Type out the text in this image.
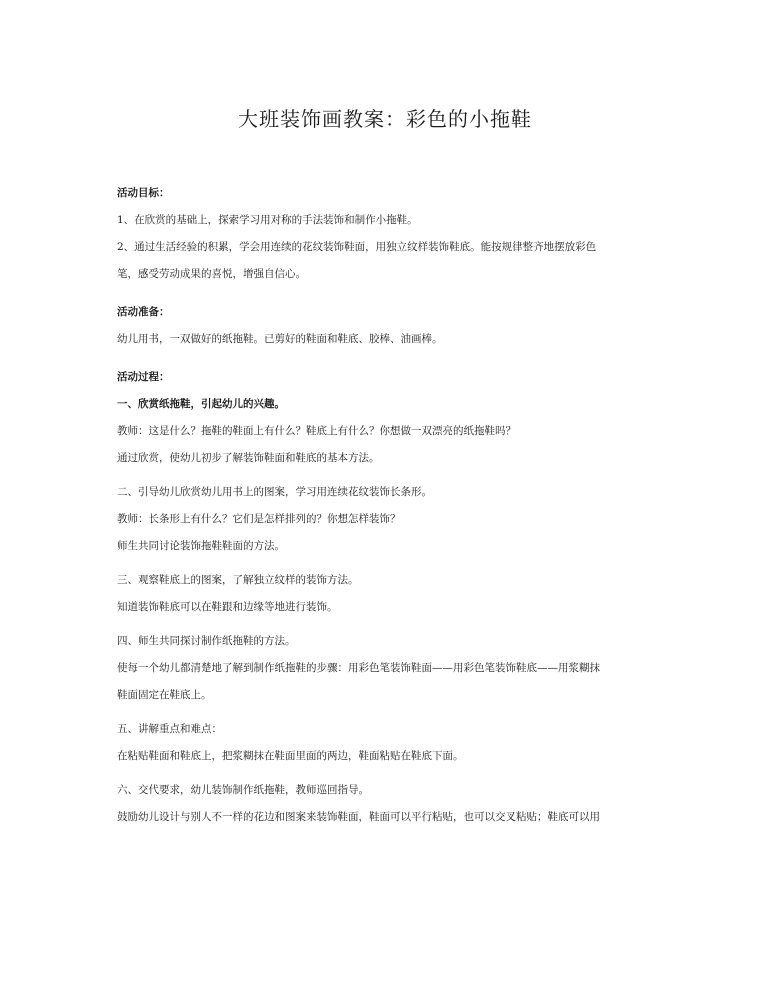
大班装饰画教案：彩色的小拖鞋

活动目标：

1、在欣赏的基础上，探索学习用对称的手法装饰和制作小拖鞋。

2、通过生活经验的积累，学会用连续的花纹装饰鞋面，用独立纹样装饰鞋底。能按规律整齐地摆放彩色

笔，感受劳动成果的喜悦，增强自信心。

活动准备：

幼儿用书，一双做好的纸拖鞋。已剪好的鞋面和鞋底、胶棒、油画棒。

活动过程：

一、欣赏纸拖鞋，引起幼儿的兴趣。

教师：这是什么？拖鞋的鞋面上有什么？鞋底上有什么？你想做一双漂亮的纸拖鞋吗？

通过欣赏，使幼儿初步了解装饰鞋面和鞋底的基本方法。

二、引导幼儿欣赏幼儿用书上的图案，学习用连续花纹装饰长条形。

教师：长条形上有什么？它们是怎样排列的？你想怎样装饰？

师生共同讨论装饰拖鞋鞋面的方法。

三、观察鞋底上的图案，了解独立纹样的装饰方法。

知道装饰鞋底可以在鞋跟和边缘等地进行装饰。

四、师生共同探讨制作纸拖鞋的方法。

使每一个幼儿都清楚地了解到制作纸拖鞋的步骤：用彩色笔装饰鞋面——用彩色笔装饰鞋底——用浆糊抹

鞋面固定在鞋底上。

五、讲解重点和难点：

在粘贴鞋面和鞋底上，把浆糊抹在鞋面里面的两边，鞋面粘贴在鞋底下面。

六、交代要求，幼儿装饰制作纸拖鞋，教师巡回指导。

鼓励幼儿设计与别人不一样的花边和图案来装饰鞋面，鞋面可以平行粘贴，也可以交叉粘贴；鞋底可以用
